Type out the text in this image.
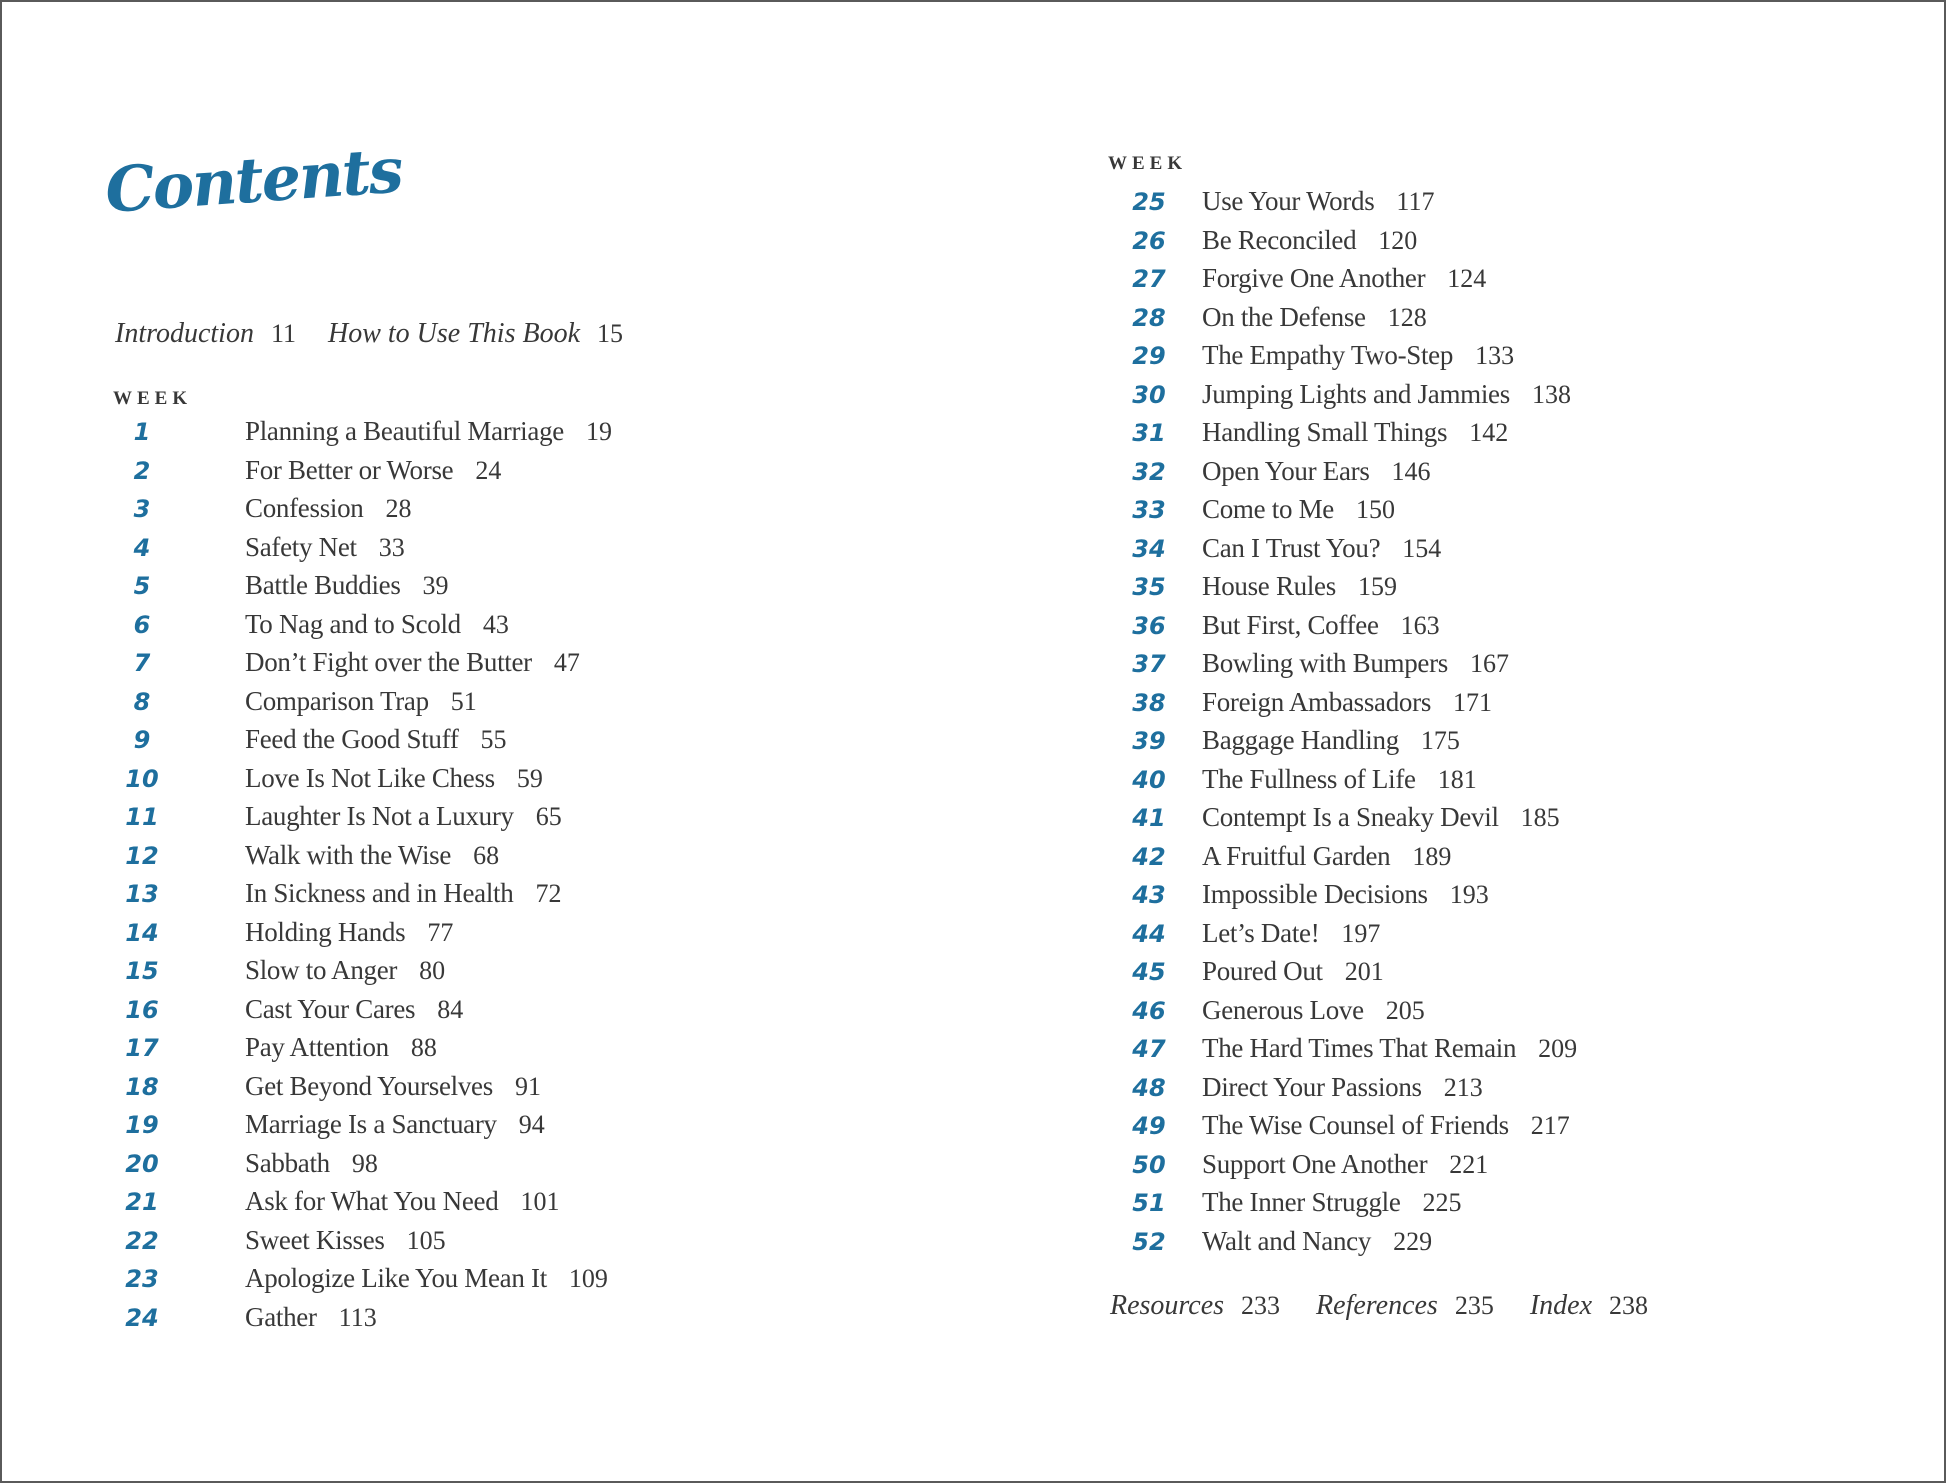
Contents
Introduction 11 How to Use This Book 15
WEEK
WEEK
1	Planning a Beautiful Marriage 19
2	For Better or Worse 24
3	Confession 28
4	Safety Net 33
5	Battle Buddies 39
6	To Nag and to Scold 43
7	Don’t Fight over the Butter 47
8	Comparison Trap 51
9	Feed the Good Stuff 55
10	Love Is Not Like Chess 59
11	Laughter Is Not a Luxury 65
12	Walk with the Wise 68
13	In Sickness and in Health 72
14	Holding Hands 77
15	Slow to Anger 80
16	Cast Your Cares 84
17	Pay Attention 88
18	Get Beyond Yourselves 91
19	Marriage Is a Sanctuary 94
20	Sabbath 98
21	Ask for What You Need 101
22	Sweet Kisses 105
23	Apologize Like You Mean It 109
24	Gather 113
25	Use Your Words 117
26	Be Reconciled 120
27	Forgive One Another 124
28	On the Defense 128
29	The Empathy Two-Step 133
30	Jumping Lights and Jammies 138
31	Handling Small Things 142
32	Open Your Ears 146
33	Come to Me 150
34	Can I Trust You? 154
35	House Rules 159
36	But First, Coffee 163
37	Bowling with Bumpers 167
38	Foreign Ambassadors 171
39	Baggage Handling 175
40	The Fullness of Life 181
41	Contempt Is a Sneaky Devil 185
42	A Fruitful Garden 189
43	Impossible Decisions 193
44	Let’s Date! 197
45	Poured Out 201
46	Generous Love 205
47	The Hard Times That Remain 209
48	Direct Your Passions 213
49	The Wise Counsel of Friends 217
50	Support One Another 221
51	The Inner Struggle 225
52	Walt and Nancy 229
Resources 233 References 235 Index 238
